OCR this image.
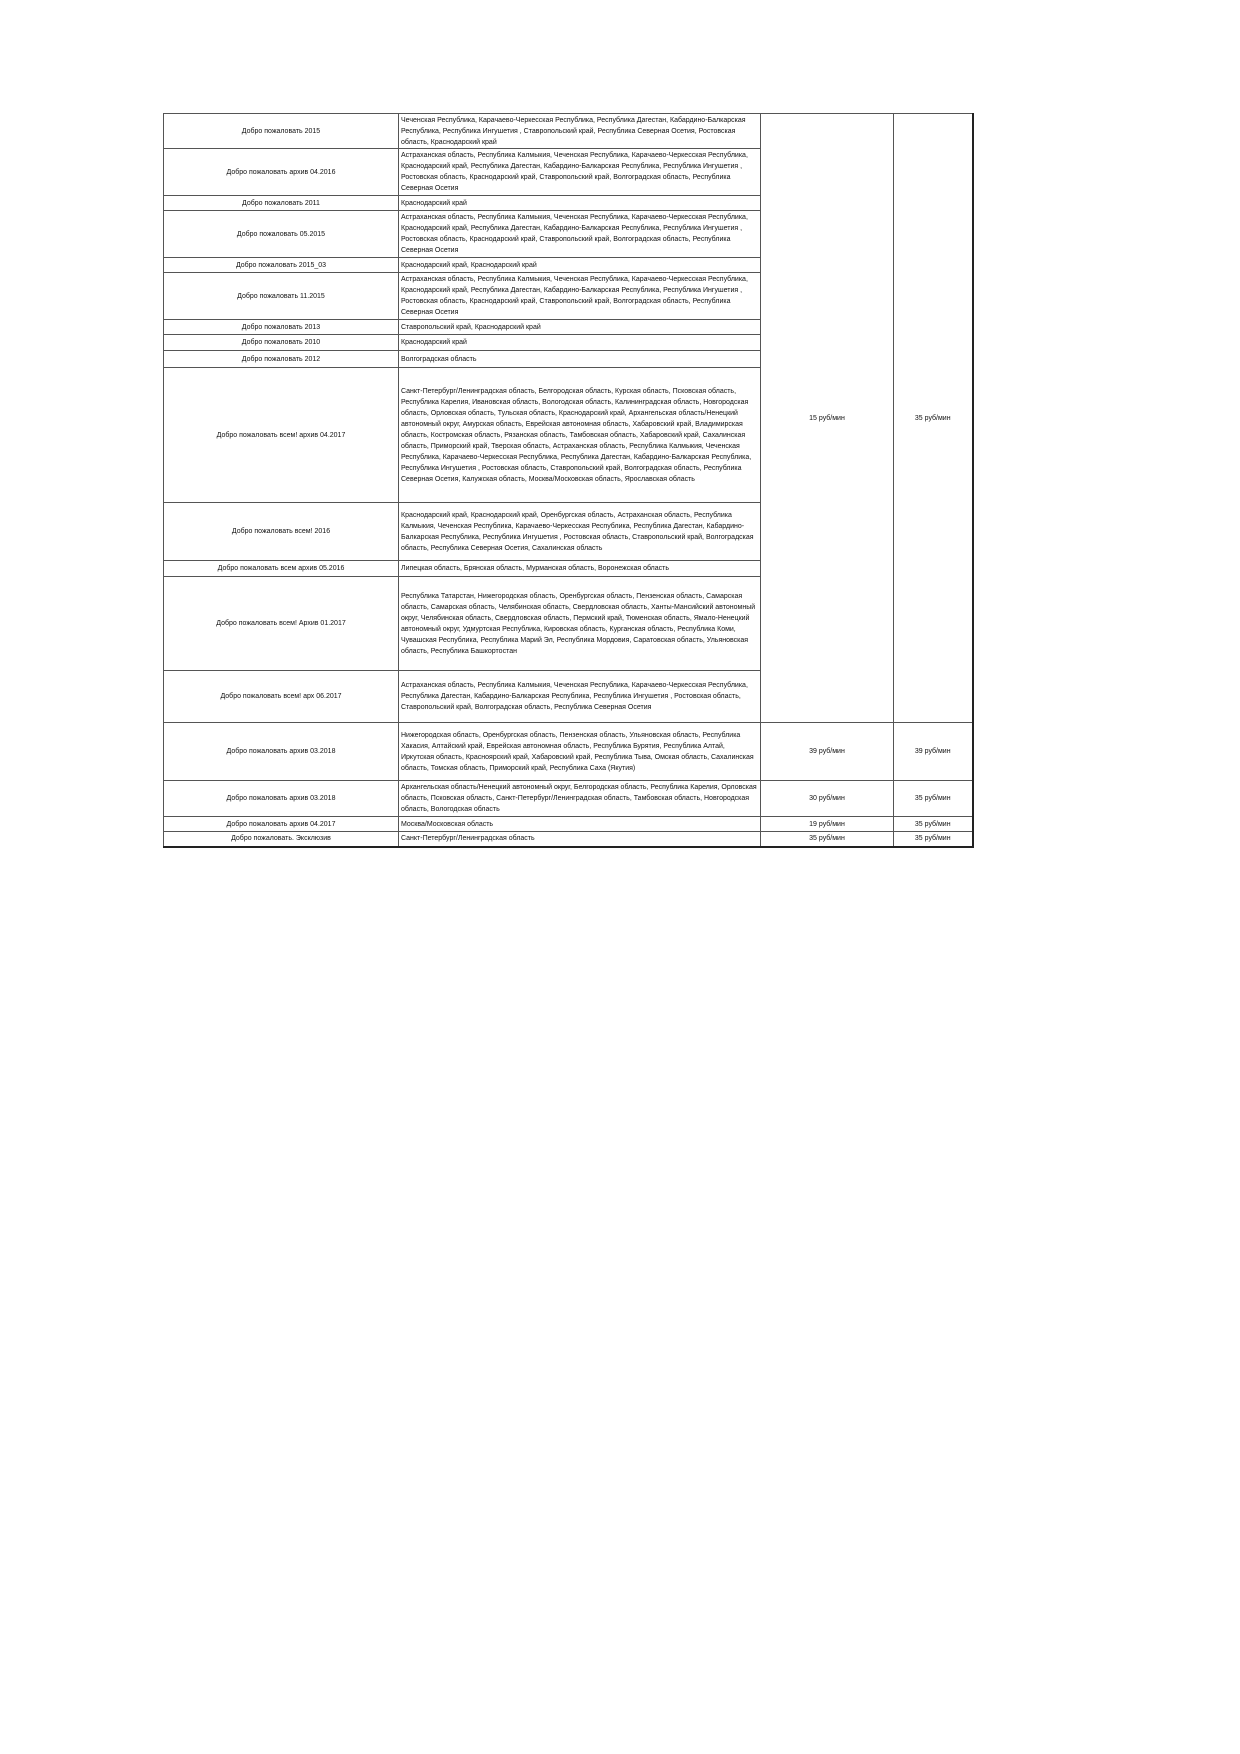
Добро пожаловать 2015	Чеченская Республика, Карачаево-Черкесская Республика, Республика Дагестан, Кабардино-Балкарская Республика, Республика Ингушетия , Ставропольский край, Республика Северная Осетия, Ростовская область, Краснодарский край	15 руб/мин	35 руб/мин
Добро пожаловать архив 04.2016	Астраханская область, Республика Калмыкия, Чеченская Республика, Карачаево-Черкесская Республика, Краснодарский край, Республика Дагестан, Кабардино-Балкарская Республика, Республика Ингушетия , Ростовская область, Краснодарский край, Ставропольский край, Волгоградская область, Республика Северная Осетия		
Добро пожаловать 2011	Краснодарский край		
Добро пожаловать 05.2015	Астраханская область, Республика Калмыкия, Чеченская Республика, Карачаево-Черкесская Республика, Краснодарский край, Республика Дагестан, Кабардино-Балкарская Республика, Республика Ингушетия , Ростовская область, Краснодарский край, Ставропольский край, Волгоградская область, Республика Северная Осетия		
Добро пожаловать 2015_03	Краснодарский край, Краснодарский край		
Добро пожаловать 11.2015	Астраханская область, Республика Калмыкия, Чеченская Республика, Карачаево-Черкесская Республика, Краснодарский край, Республика Дагестан, Кабардино-Балкарская Республика, Республика Ингушетия , Ростовская область, Краснодарский край, Ставропольский край, Волгоградская область, Республика Северная Осетия		
Добро пожаловать 2013	Ставропольский край, Краснодарский край		
Добро пожаловать 2010	Краснодарский край		
Добро пожаловать 2012	Волгоградская область		
Добро пожаловать всем! архив 04.2017	Санкт-Петербург/Ленинградская область, Белгородская область, Курская область, Псковская область, Республика Карелия, Ивановская область, Вологодская область, Калининградская область, Новгородская область, Орловская область, Тульская область, Краснодарский край, Архангельская область/Ненецкий автономный округ, Амурская область, Еврейская автономная область, Хабаровский край, Владимирская область, Костромская область, Рязанская область, Тамбовская область, Хабаровский край, Сахалинская область, Приморский край, Тверская область, Астраханская область, Республика Калмыкия, Чеченская Республика, Карачаево-Черкесская Республика, Республика Дагестан, Кабардино-Балкарская Республика, Республика Ингушетия , Ростовская область, Ставропольский край, Волгоградская область, Республика Северная Осетия, Калужская область, Москва/Московская область, Ярославская область		
Добро пожаловать всем! 2016	Краснодарский край, Краснодарский край, Оренбургская область, Астраханская область, Республика Калмыкия, Чеченская Республика, Карачаево-Черкесская Республика, Республика Дагестан, Кабардино-Балкарская Республика, Республика Ингушетия , Ростовская область, Ставропольский край, Волгоградская область, Республика Северная Осетия, Сахалинская область		
Добро пожаловать всем архив 05.2016	Липецкая область, Брянская область, Мурманская область, Воронежская область		
Добро пожаловать всем! Архив 01.2017	Республика Татарстан, Нижегородская область, Оренбургская область, Пензенская область, Самарская область, Самарская область, Челябинская область, Свердловская область, Ханты-Мансийский автономный округ, Челябинская область, Свердловская область, Пермский край, Тюменская область, Ямало-Ненецкий автономный округ, Удмуртская Республика, Кировская область, Курганская область, Республика Коми, Чувашская Республика, Республика Марий Эл, Республика Мордовия, Саратовская область, Ульяновская область, Республика Башкортостан		
Добро пожаловать всем! арх 06.2017	Астраханская область, Республика Калмыкия, Чеченская Республика, Карачаево-Черкесская Республика, Республика Дагестан, Кабардино-Балкарская Республика, Республика Ингушетия , Ростовская область, Ставропольский край, Волгоградская область, Республика Северная Осетия		
Добро пожаловать архив 03.2018	Нижегородская область, Оренбургская область, Пензенская область, Ульяновская область, Республика Хакасия, Алтайский край, Еврейская автономная область, Республика Бурятия, Республика Алтай, Иркутская область, Красноярский край, Хабаровский край, Республика Тыва, Омская область, Сахалинская область, Томская область, Приморский край, Республика Саха (Якутия)	39 руб/мин	39 руб/мин
Добро пожаловать архив 03.2018	Архангельская область/Ненецкий автономный округ, Белгородская область, Республика Карелия, Орловская область, Псковская область, Санкт-Петербург/Ленинградская область, Тамбовская область, Новгородская область, Вологодская область	30 руб/мин	35 руб/мин
Добро пожаловать архив 04.2017	Москва/Московская область	19 руб/мин	35 руб/мин
Добро пожаловать. Эксклюзив	Санкт-Петербург/Ленинградская область	35 руб/мин	35 руб/мин
